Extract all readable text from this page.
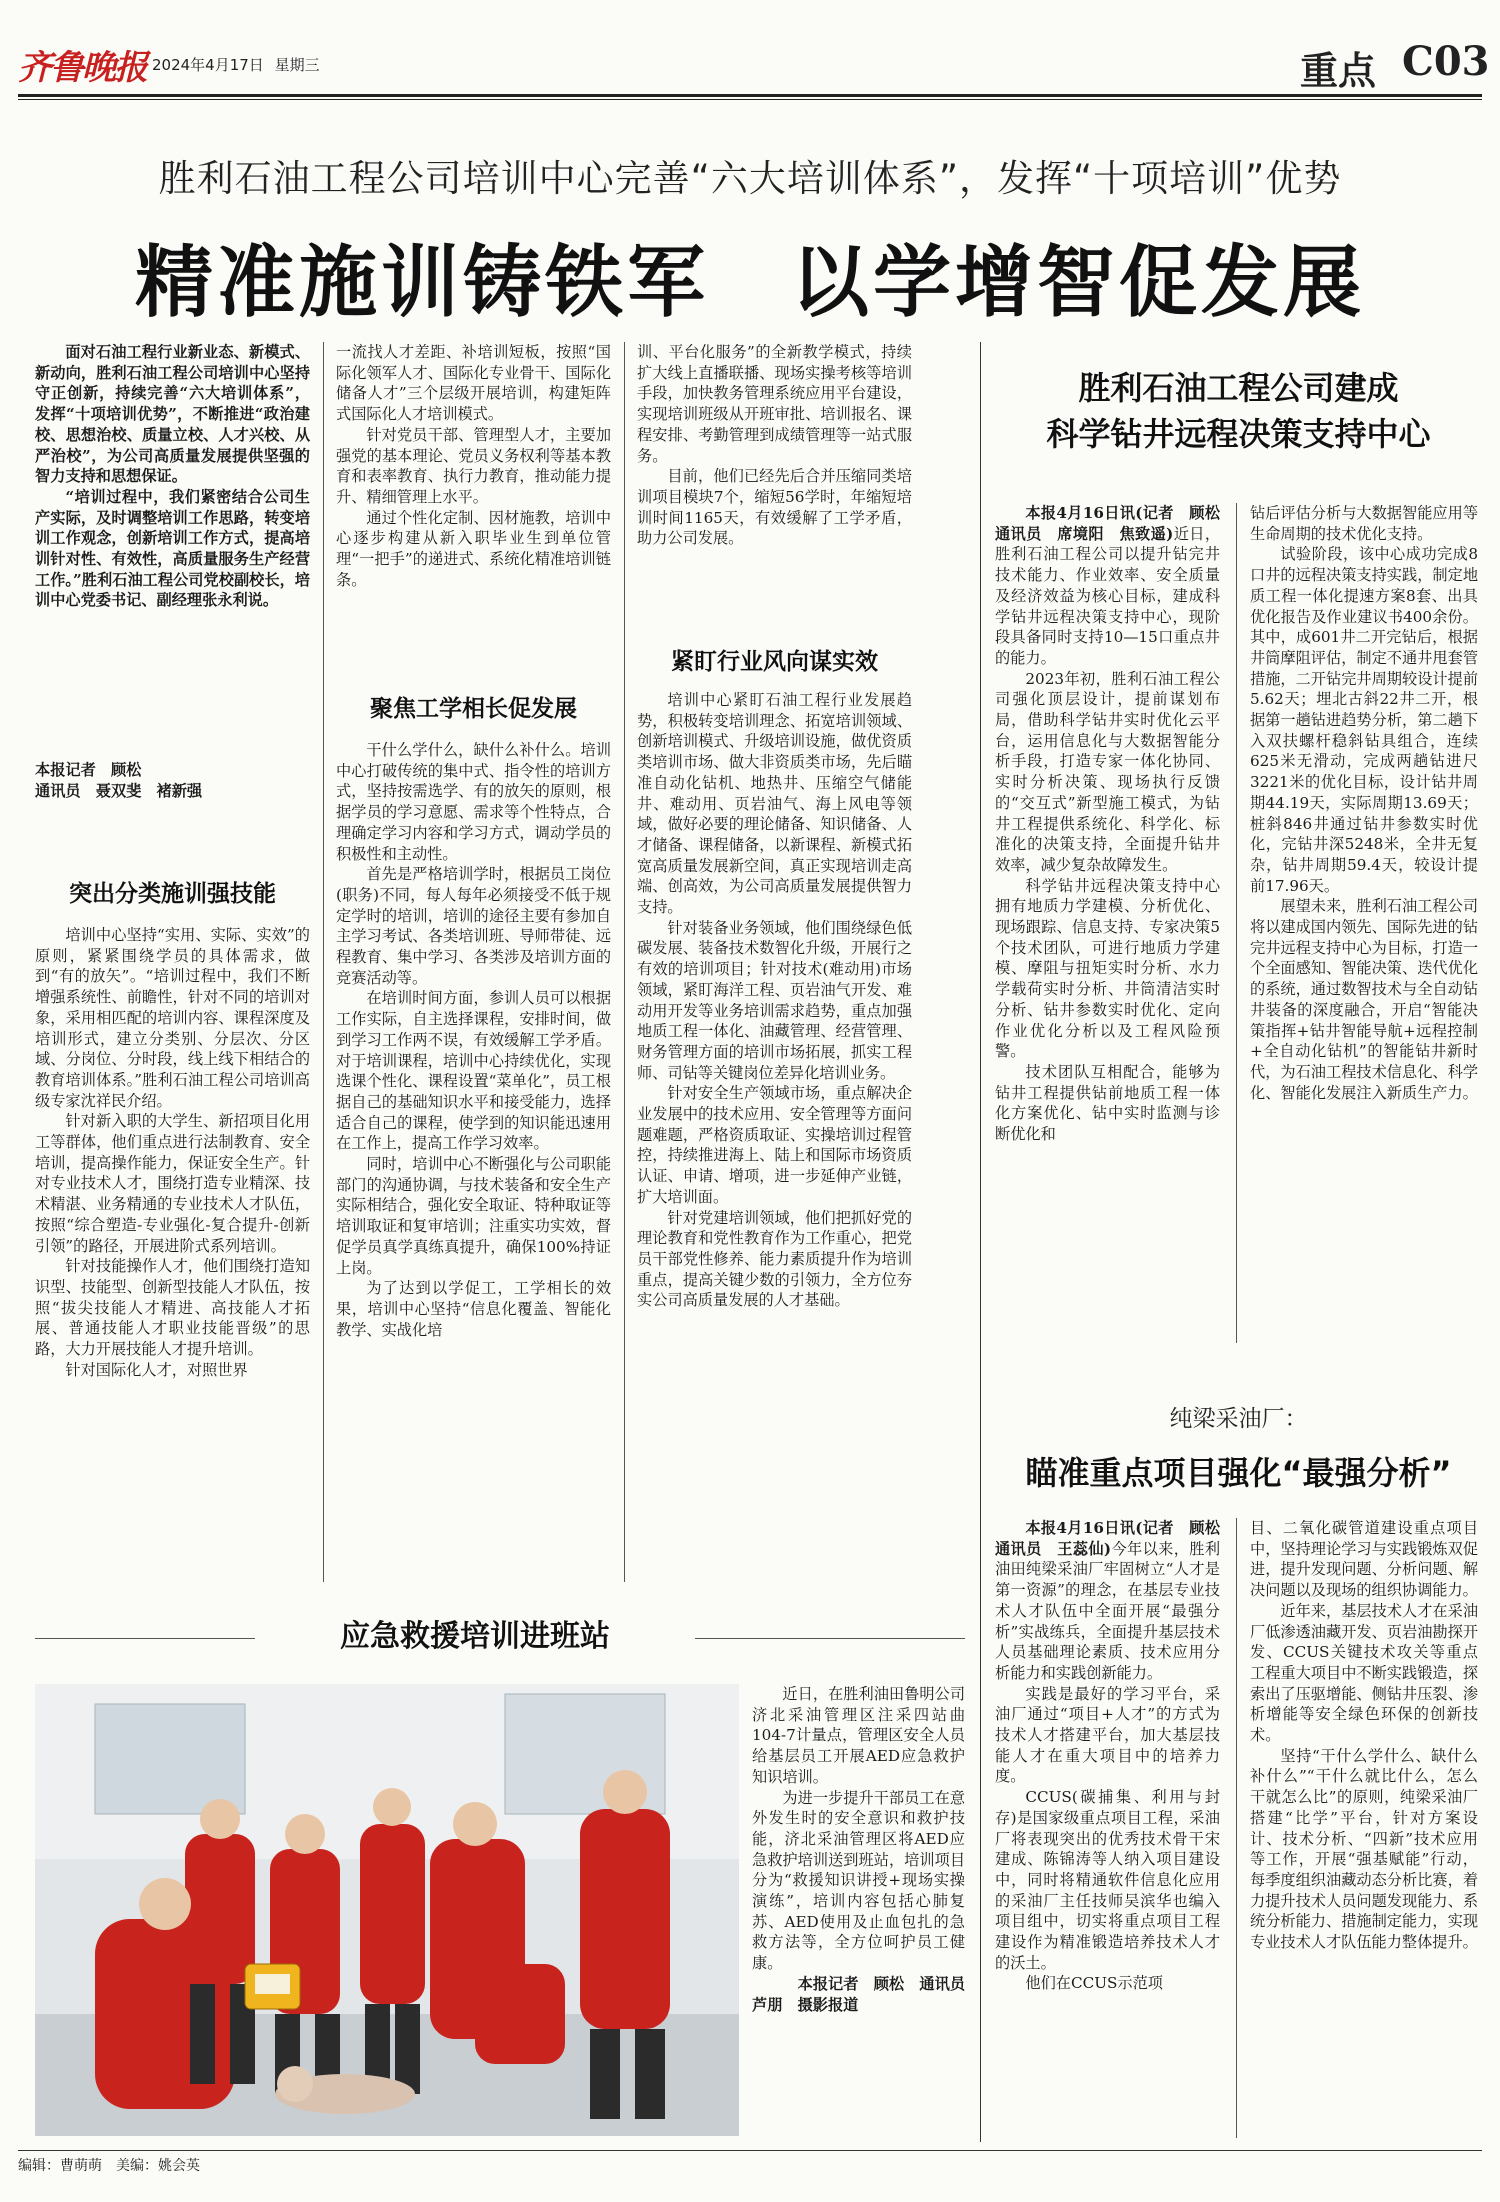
齐鲁晚报 2024年4月17日 星期三	重点 C03
胜利石油工程公司培训中心完善“六大培训体系”，发挥“十项培训”优势
精准施训铸铁军　以学增智促发展

面对石油工程行业新业态、新模式、新动向，胜利石油工程公司培训中心坚持守正创新，持续完善“六大培训体系”，发挥“十项培训优势”，不断推进“政治建校、思想治校、质量立校、人才兴校、从严治校”，为公司高质量发展提供坚强的智力支持和思想保证。

“培训过程中，我们紧密结合公司生产实际，及时调整培训工作思路，转变培训工作观念，创新培训工作方式，提高培训针对性、有效性，高质量服务生产经营工作。”胜利石油工程公司党校副校长，培训中心党委书记、副经理张永利说。

本报记者　顾松
通讯员　聂双斐　褚新强
突出分类施训强技能

培训中心坚持“实用、实际、实效”的原则，紧紧围绕学员的具体需求，做到“有的放矢”。“培训过程中，我们不断增强系统性、前瞻性，针对不同的培训对象，采用相匹配的培训内容、课程深度及培训形式，建立分类别、分层次、分区域、分岗位、分时段，线上线下相结合的教育培训体系。”胜利石油工程公司培训高级专家沈祥民介绍。

针对新入职的大学生、新招项目化用工等群体，他们重点进行法制教育、安全培训，提高操作能力，保证安全生产。针对专业技术人才，围绕打造专业精深、技术精湛、业务精通的专业技术人才队伍，按照“综合塑造-专业强化-复合提升-创新引领”的路径，开展进阶式系列培训。

针对技能操作人才，他们围绕打造知识型、技能型、创新型技能人才队伍，按照“拔尖技能人才精进、高技能人才拓展、普通技能人才职业技能晋级”的思路，大力开展技能人才提升培训。

针对国际化人才，对照世界

一流找人才差距、补培训短板，按照“国际化领军人才、国际化专业骨干、国际化储备人才”三个层级开展培训，构建矩阵式国际化人才培训模式。

针对党员干部、管理型人才，主要加强党的基本理论、党员义务权利等基本教育和表率教育、执行力教育，推动能力提升、精细管理上水平。

通过个性化定制、因材施教，培训中心逐步构建从新入职毕业生到单位管理“一把手”的递进式、系统化精准培训链条。

聚焦工学相长促发展

干什么学什么，缺什么补什么。培训中心打破传统的集中式、指令性的培训方式，坚持按需选学、有的放矢的原则，根据学员的学习意愿、需求等个性特点，合理确定学习内容和学习方式，调动学员的积极性和主动性。

首先是严格培训学时，根据员工岗位(职务)不同，每人每年必须接受不低于规定学时的培训，培训的途径主要有参加自主学习考试、各类培训班、导师带徒、远程教育、集中学习、各类涉及培训方面的竞赛活动等。

在培训时间方面，参训人员可以根据工作实际，自主选择课程，安排时间，做到学习工作两不误，有效缓解工学矛盾。对于培训课程，培训中心持续优化，实现选课个性化、课程设置“菜单化”，员工根据自己的基础知识水平和接受能力，选择适合自己的课程，使学到的知识能迅速用在工作上，提高工作学习效率。

同时，培训中心不断强化与公司职能部门的沟通协调，与技术装备和安全生产实际相结合，强化安全取证、特种取证等培训取证和复审培训；注重实功实效，督促学员真学真练真提升，确保100%持证上岗。

为了达到以学促工，工学相长的效果，培训中心坚持“信息化覆盖、智能化教学、实战化培

训、平台化服务”的全新教学模式，持续扩大线上直播联播、现场实操考核等培训手段，加快教务管理系统应用平台建设，实现培训班级从开班审批、培训报名、课程安排、考勤管理到成绩管理等一站式服务。

目前，他们已经先后合并压缩同类培训项目模块7个，缩短56学时，年缩短培训时间1165天，有效缓解了工学矛盾，助力公司发展。

紧盯行业风向谋实效

培训中心紧盯石油工程行业发展趋势，积极转变培训理念、拓宽培训领域、创新培训模式、升级培训设施，做优资质类培训市场、做大非资质类市场，先后瞄准自动化钻机、地热井、压缩空气储能井、难动用、页岩油气、海上风电等领域，做好必要的理论储备、知识储备、人才储备、课程储备，以新课程、新模式拓宽高质量发展新空间，真正实现培训走高端、创高效，为公司高质量发展提供智力支持。

针对装备业务领域，他们围绕绿色低碳发展、装备技术数智化升级，开展行之有效的培训项目；针对技术(难动用)市场领域，紧盯海洋工程、页岩油气开发、难动用开发等业务培训需求趋势，重点加强地质工程一体化、油藏管理、经营管理、财务管理方面的培训市场拓展，抓实工程师、司钻等关键岗位差异化培训业务。

针对安全生产领域市场，重点解决企业发展中的技术应用、安全管理等方面问题难题，严格资质取证、实操培训过程管控，持续推进海上、陆上和国际市场资质认证、申请、增项，进一步延伸产业链，扩大培训面。

针对党建培训领域，他们把抓好党的理论教育和党性教育作为工作重心，把党员干部党性修养、能力素质提升作为培训重点，提高关键少数的引领力，全方位夯实公司高质量发展的人才基础。

胜利石油工程公司建成
科学钻井远程决策支持中心

本报4月16日讯(记者　顾松　通讯员　席境阳　焦致遥)近日，胜利石油工程公司以提升钻完井技术能力、作业效率、安全质量及经济效益为核心目标，建成科学钻井远程决策支持中心，现阶段具备同时支持10—15口重点井的能力。

2023年初，胜利石油工程公司强化顶层设计，提前谋划布局，借助科学钻井实时优化云平台，运用信息化与大数据智能分析手段，打造专家一体化协同、实时分析决策、现场执行反馈的“交互式”新型施工模式，为钻井工程提供系统化、科学化、标准化的决策支持，全面提升钻井效率，减少复杂故障发生。

科学钻井远程决策支持中心拥有地质力学建模、分析优化、现场跟踪、信息支持、专家决策5个技术团队，可进行地质力学建模、摩阻与扭矩实时分析、水力学载荷实时分析、井筒清洁实时分析、钻井参数实时优化、定向作业优化分析以及工程风险预警。

技术团队互相配合，能够为钻井工程提供钻前地质工程一体化方案优化、钻中实时监测与诊断优化和

钻后评估分析与大数据智能应用等生命周期的技术优化支持。

试验阶段，该中心成功完成8口井的远程决策支持实践，制定地质工程一体化提速方案8套、出具优化报告及作业建议书400余份。其中，成601井二开完钻后，根据井筒摩阻评估，制定不通井甩套管措施，二开钻完井周期较设计提前5.62天；埋北古斜22井二开，根据第一趟钻进趋势分析，第二趟下入双扶螺杆稳斜钻具组合，连续625米无滑动，完成两趟钻进尺3221米的优化目标，设计钻井周期44.19天，实际周期13.69天；桩斜846井通过钻井参数实时优化，完钻井深5248米，全井无复杂，钻井周期59.4天，较设计提前17.96天。

展望未来，胜利石油工程公司将以建成国内领先、国际先进的钻完井远程支持中心为目标，打造一个全面感知、智能决策、迭代优化的系统，通过数智技术与全自动钻井装备的深度融合，开启“智能决策指挥+钻井智能导航+远程控制+全自动化钻机”的智能钻井新时代，为石油工程技术信息化、科学化、智能化发展注入新质生产力。

纯梁采油厂：
瞄准重点项目强化“最强分析”

本报4月16日讯(记者　顾松　通讯员　王蕊仙)今年以来，胜利油田纯梁采油厂牢固树立“人才是第一资源”的理念，在基层专业技术人才队伍中全面开展“最强分析”实战练兵，全面提升基层技术人员基础理论素质、技术应用分析能力和实践创新能力。

实践是最好的学习平台，采油厂通过“项目+人才”的方式为技术人才搭建平台，加大基层技能人才在重大项目中的培养力度。

CCUS(碳捕集、利用与封存)是国家级重点项目工程，采油厂将表现突出的优秀技术骨干宋建成、陈锦涛等人纳入项目建设中，同时将精通软件信息化应用的采油厂主任技师吴滨华也编入项目组中，切实将重点项目工程建设作为精准锻造培养技术人才的沃土。

他们在CCUS示范项

目、二氧化碳管道建设重点项目中，坚持理论学习与实践锻炼双促进，提升发现问题、分析问题、解决问题以及现场的组织协调能力。

近年来，基层技术人才在采油厂低渗透油藏开发、页岩油勘探开发、CCUS关键技术攻关等重点工程重大项目中不断实践锻造，探索出了压驱增能、侧钻井压裂、渗析增能等安全绿色环保的创新技术。

坚持“干什么学什么、缺什么补什么”“干什么就比什么，怎么干就怎么比”的原则，纯梁采油厂搭建“比学”平台，针对方案设计、技术分析、“四新”技术应用等工作，开展“强基赋能”行动，每季度组织油藏动态分析比赛，着力提升技术人员问题发现能力、系统分析能力、措施制定能力，实现专业技术人才队伍能力整体提升。

应急救援培训进班站

近日，在胜利油田鲁明公司济北采油管理区注采四站曲104-7计量点，管理区安全人员给基层员工开展AED应急救护知识培训。

为进一步提升干部员工在意外发生时的安全意识和救护技能，济北采油管理区将AED应急救护培训送到班站，培训项目分为“救援知识讲授+现场实操演练”，培训内容包括心肺复苏、AED使用及止血包扎的急救方法等，全方位呵护员工健康。

本报记者　顾松　通讯员　芦朋　摄影报道

编辑：曹萌萌　美编：姚会英
